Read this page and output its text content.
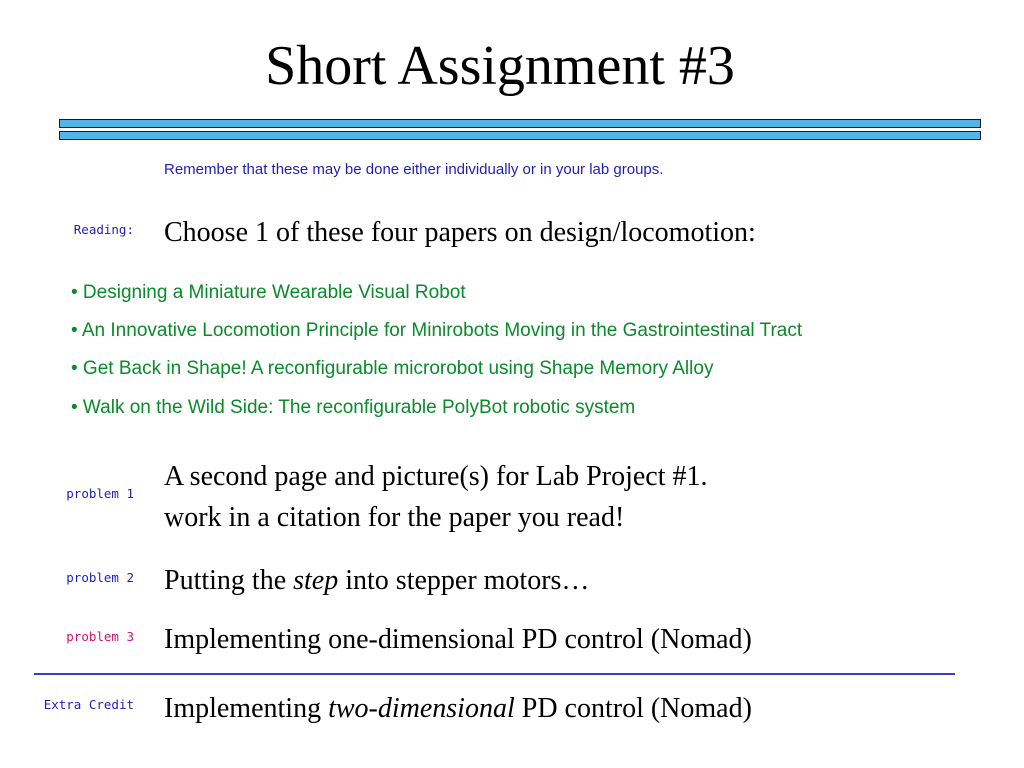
Short Assignment #3
Remember that these may be done either individually or in your lab groups.
Reading: Choose 1 of these four papers on design/locomotion:
• Designing a Miniature Wearable Visual Robot
• An Innovative Locomotion Principle for Minirobots Moving in the Gastrointestinal Tract
• Get Back in Shape! A reconfigurable microrobot using Shape Memory Alloy
• Walk on the Wild Side: The reconfigurable PolyBot robotic system
problem 1
A second page and picture(s) for Lab Project #1.
work in a citation for the paper you read!
problem 2 Putting the step into stepper motors…
problem 3 Implementing one-dimensional PD control (Nomad)
Extra Credit Implementing two-dimensional PD control (Nomad)
